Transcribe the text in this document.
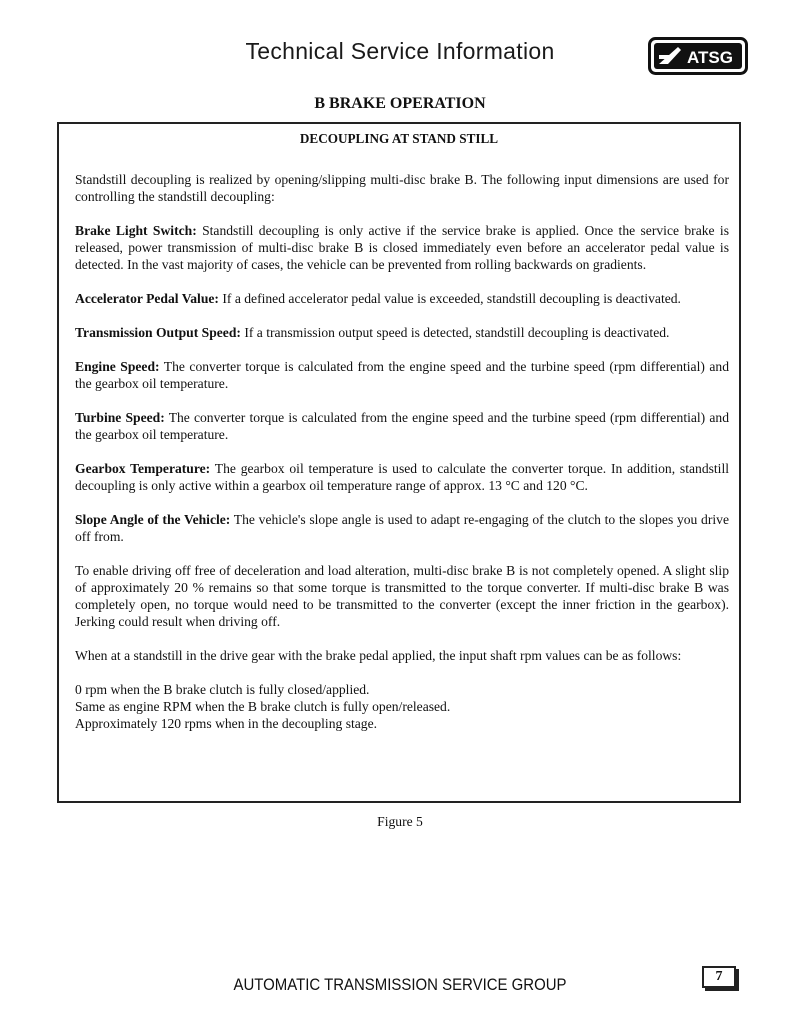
Technical Service Information	ATSG
B BRAKE OPERATION
DECOUPLING AT STAND STILL

Standstill decoupling is realized by opening/slipping multi-disc brake B. The following input dimensions are used for controlling the standstill decoupling:

Brake Light Switch: Standstill decoupling is only active if the service brake is applied. Once the service brake is released, power transmission of multi-disc brake B is closed immediately even before an accelerator pedal value is detected. In the vast majority of cases, the vehicle can be prevented from rolling backwards on gradients.

Accelerator Pedal Value: If a defined accelerator pedal value is exceeded, standstill decoupling is deactivated.

Transmission Output Speed: If a transmission output speed is detected, standstill decoupling is deactivated.

Engine Speed: The converter torque is calculated from the engine speed and the turbine speed (rpm differential) and the gearbox oil temperature.

Turbine Speed: The converter torque is calculated from the engine speed and the turbine speed (rpm differential) and the gearbox oil temperature.

Gearbox Temperature: The gearbox oil temperature is used to calculate the converter torque. In addition, standstill decoupling is only active within a gearbox oil temperature range of approx. 13 °C and 120 °C.

Slope Angle of the Vehicle: The vehicle's slope angle is used to adapt re-engaging of the clutch to the slopes you drive off from.

To enable driving off free of deceleration and load alteration, multi-disc brake B is not completely opened. A slight slip of approximately 20 % remains so that some torque is transmitted to the torque converter. If multi-disc brake B was completely open, no torque would need to be transmitted to the converter (except the inner friction in the gearbox). Jerking could result when driving off.

When at a standstill in the drive gear with the brake pedal applied, the input shaft rpm values can be as follows:

0 rpm when the B brake clutch is fully closed/applied.
Same as engine RPM when the B brake clutch is fully open/released.
Approximately 120 rpms when in the decoupling stage.

Figure 5
AUTOMATIC TRANSMISSION SERVICE GROUP	7
